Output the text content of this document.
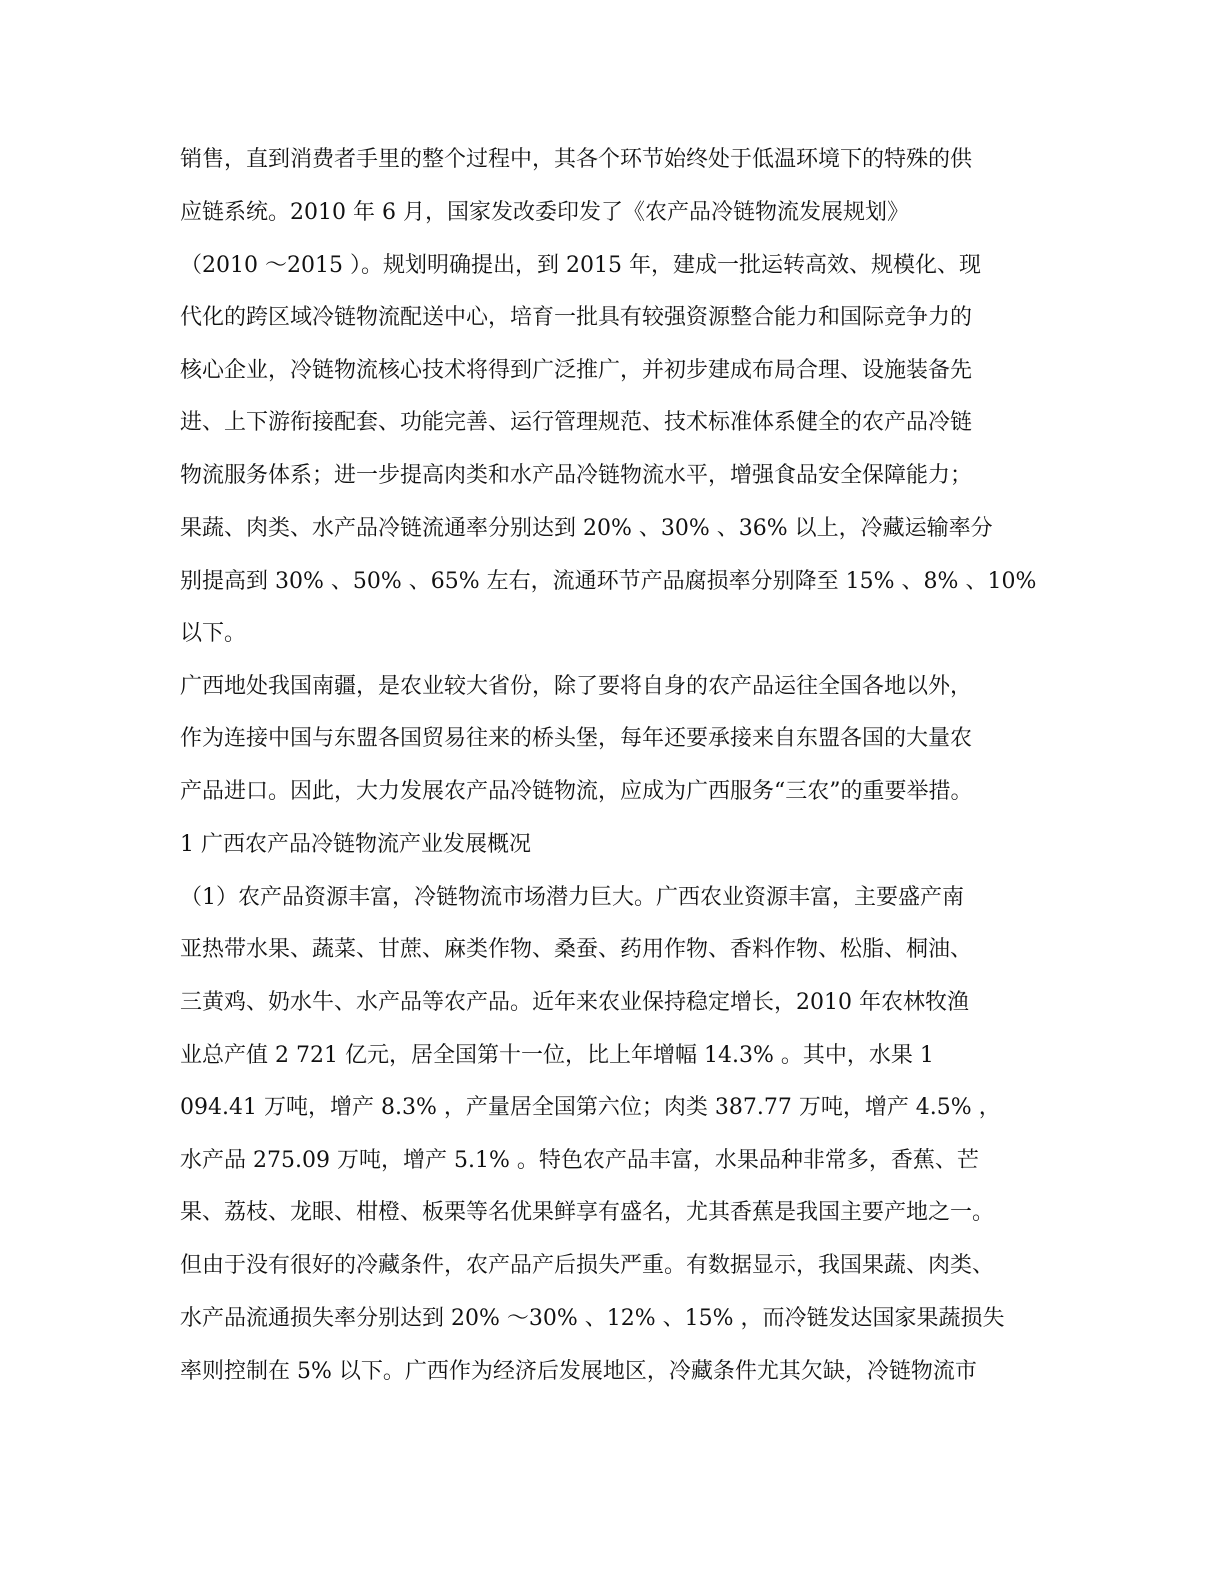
销售，直到消费者手里的整个过程中，其各个环节始终处于低温环境下的特殊的供
应链系统。2010 年 6 月，国家发改委印发了《农产品冷链物流发展规划》
（2010 ～2015 ）。规划明确提出，到 2015 年，建成一批运转高效、规模化、现
代化的跨区域冷链物流配送中心，培育一批具有较强资源整合能力和国际竞争力的
核心企业，冷链物流核心技术将得到广泛推广，并初步建成布局合理、设施装备先
进、上下游衔接配套、功能完善、运行管理规范、技术标准体系健全的农产品冷链
物流服务体系；进一步提高肉类和水产品冷链物流水平，增强食品安全保障能力；
果蔬、肉类、水产品冷链流通率分别达到 20% 、30% 、36% 以上，冷藏运输率分
别提高到 30% 、50% 、65% 左右，流通环节产品腐损率分别降至 15% 、8% 、10%
以下。
广西地处我国南疆，是农业较大省份，除了要将自身的农产品运往全国各地以外，
作为连接中国与东盟各国贸易往来的桥头堡，每年还要承接来自东盟各国的大量农
产品进口。因此，大力发展农产品冷链物流，应成为广西服务“三农”的重要举措。
1 广西农产品冷链物流产业发展概况
（1）农产品资源丰富，冷链物流市场潜力巨大。广西农业资源丰富，主要盛产南
亚热带水果、蔬菜、甘蔗、麻类作物、桑蚕、药用作物、香料作物、松脂、桐油、
三黄鸡、奶水牛、水产品等农产品。近年来农业保持稳定增长，2010 年农林牧渔
业总产值 2 721 亿元，居全国第十一位，比上年增幅 14.3% 。其中，水果 1
094.41 万吨，增产 8.3% ，产量居全国第六位；肉类 387.77 万吨，增产 4.5% ，
水产品 275.09 万吨，增产 5.1% 。特色农产品丰富，水果品种非常多，香蕉、芒
果、荔枝、龙眼、柑橙、板栗等名优果鲜享有盛名，尤其香蕉是我国主要产地之一。
但由于没有很好的冷藏条件，农产品产后损失严重。有数据显示，我国果蔬、肉类、
水产品流通损失率分别达到 20% ～30% 、12% 、15% ，而冷链发达国家果蔬损失
率则控制在 5% 以下。广西作为经济后发展地区，冷藏条件尤其欠缺，冷链物流市
